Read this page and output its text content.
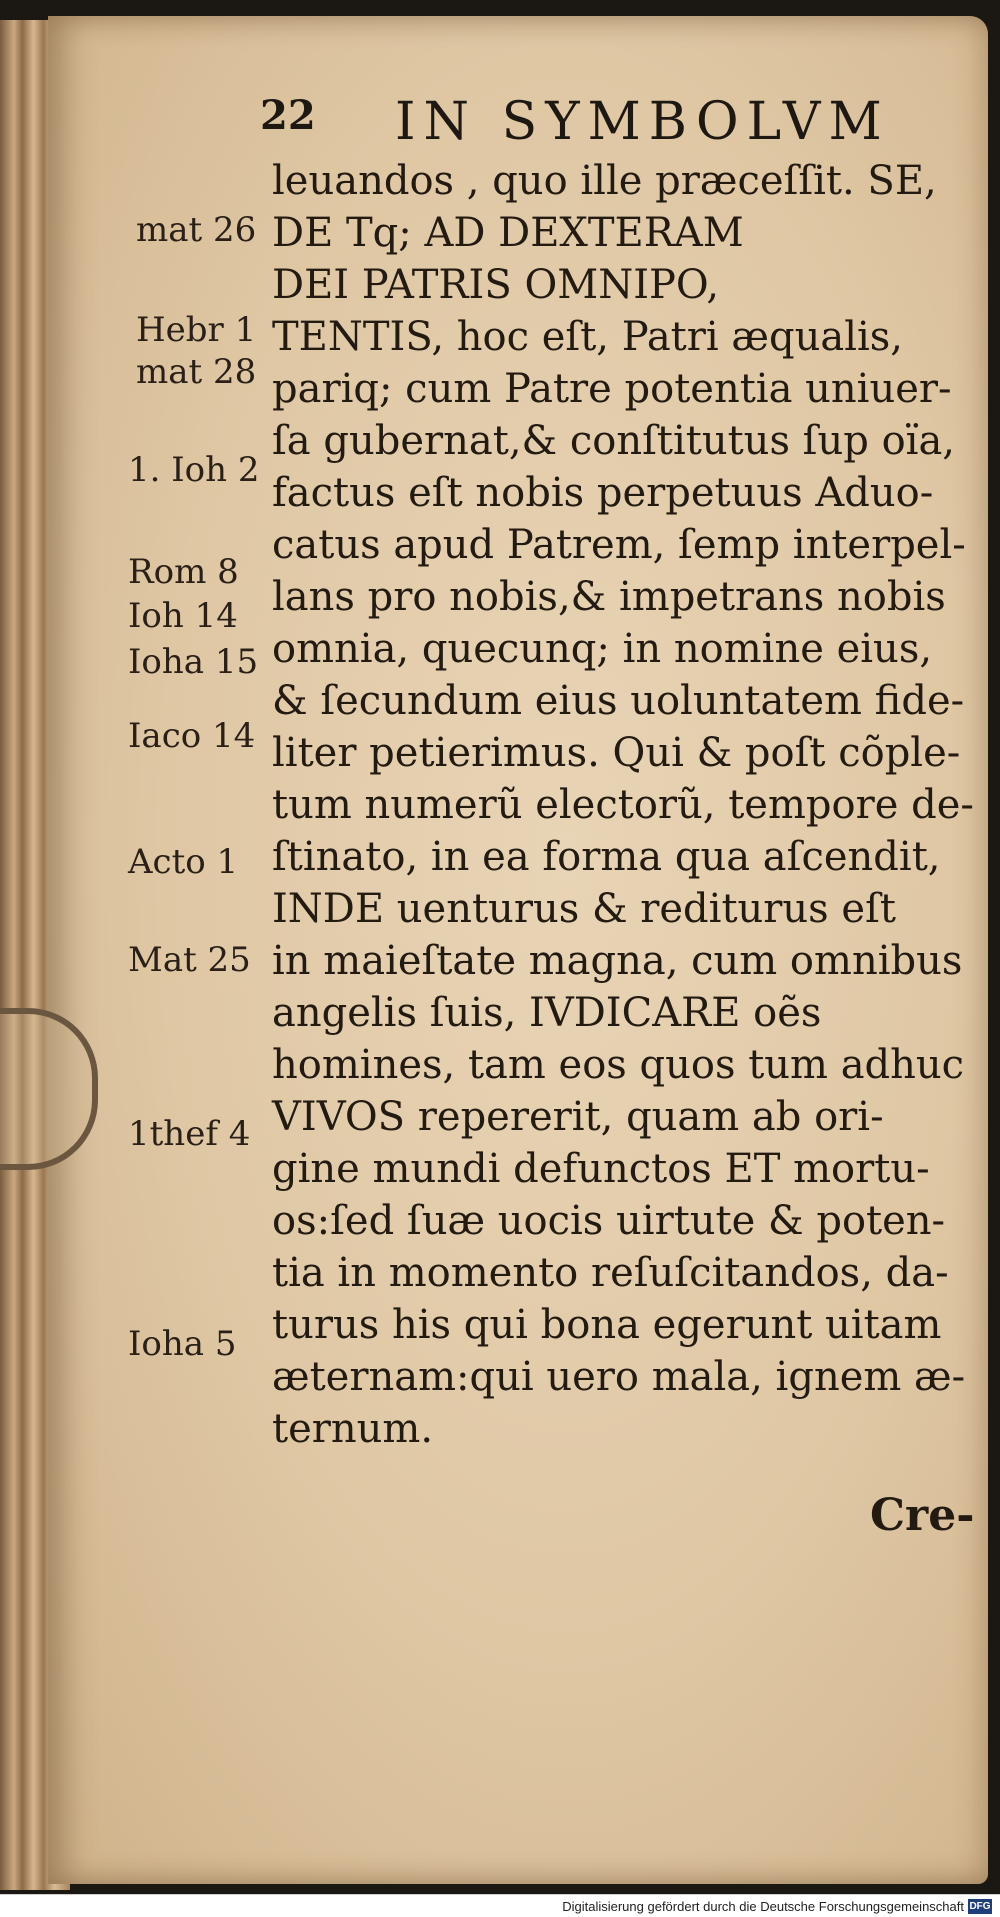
22 IN SYMBOLVM
leuandos , quo ille præceſſit. SE,
DE Tq; AD DEXTERAM
DEI PATRIS OMNIPO,
TENTIS, hoc eſt, Patri æqualis,
pariq; cum Patre potentia uniuer-
ſa gubernat,& conſtitutus ſup oïa,
factus eſt nobis perpetuus Aduo-
catus apud Patrem, ſemp interpel-
lans pro nobis,& impetrans nobis
omnia, quecunq; in nomine eius,
& ſecundum eius uoluntatem fide-
liter petierimus. Qui & poſt cõple-
tum numerũ electorũ, tempore de-
ſtinato, in ea forma qua aſcendit,
INDE uenturus & rediturus eſt
in maieſtate magna, cum omnibus
angelis ſuis, IVDICARE oẽs
homines, tam eos quos tum adhuc
VIVOS repererit, quam ab ori-
gine mundi defunctos ET mortu-
os:ſed ſuæ uocis uirtute & poten-
tia in momento reſuſcitandos, da-
turus his qui bona egerunt uitam
æternam:qui uero mala, ignem æ-
ternum.
mat 26
Hebr 1
mat 28
1. Ioh 2
Rom 8
Ioh 14
Ioha 15
Iaco 14
Acto 1
Mat 25
1thef 4
Ioha 5
Cre-
Digitalisierung gefördert durch die Deutsche Forschungsgemeinschaft DFG
